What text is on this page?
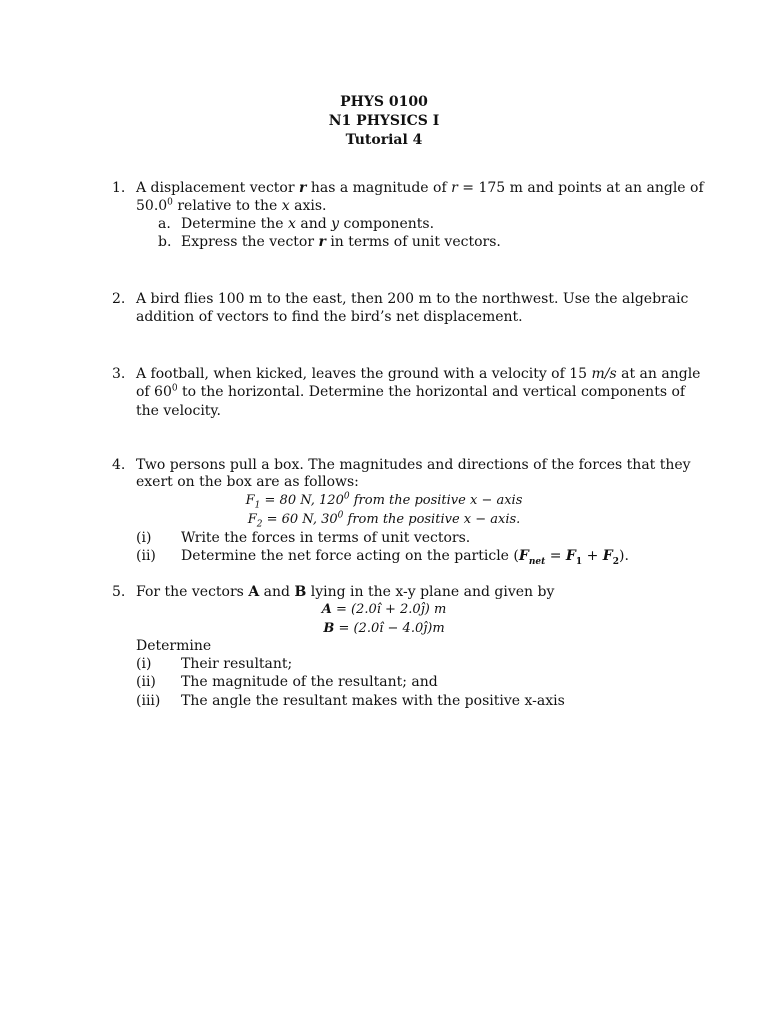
PHYS 0100
N1 PHYSICS I
Tutorial 4
1. A displacement vector r has a magnitude of r = 175 m and points at an angle of
50.0$^0$ relative to the x axis.
a. Determine the x and y components.
b. Express the vector r in terms of unit vectors.
2. A bird flies 100 m to the east, then 200 m to the northwest. Use the algebraic
addition of vectors to find the bird’s net displacement.
3. A football, when kicked, leaves the ground with a velocity of 15 m/s at an angle
of $60^0$ to the horizontal. Determine the horizontal and vertical components of
the velocity.
4. Two persons pull a box. The magnitudes and directions of the forces that they
exert on the box are as follows:
$F_1 = 80$ N, $120^0$ from the positive x − axis
$F_2 = 60$ N, $30^0$ from the positive x − axis.
(i) Write the forces in terms of unit vectors.
(ii) Determine the net force acting on the particle $(F_{net} = F_1 + F_2)$.
5. For the vectors A and B lying in the x-y plane and given by
A = (2.0î + 2.0ĵ) m
B = (2.0î − 4.0ĵ)m
Determine
(i) Their resultant;
(ii) The magnitude of the resultant; and
(iii) The angle the resultant makes with the positive x-axis
